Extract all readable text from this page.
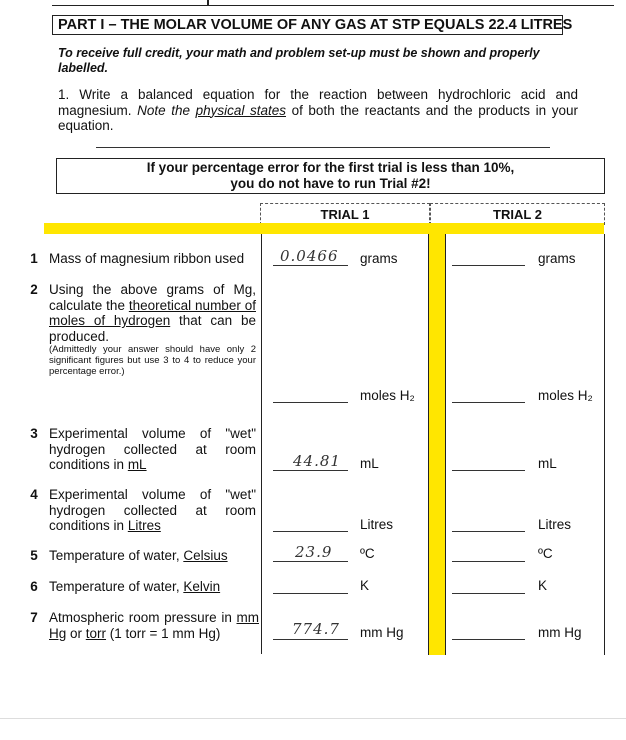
PART I – THE MOLAR VOLUME OF ANY GAS AT STP EQUALS 22.4 LITRES
To receive full credit, your math and problem set-up must be shown and properly labelled.
1. Write a balanced equation for the reaction between hydrochloric acid and magnesium. Note the physical states of both the reactants and the products in your equation.
If your percentage error for the first trial is less than 10%,
you do not have to run Trial #2!
TRIAL 1	TRIAL 2
1 Mass of magnesium ribbon used	0.0466 grams	grams
2 Using the above grams of Mg, calculate the theoretical number of moles of hydrogen that can be produced.
(Admittedly your answer should have only 2 significant figures but use 3 to 4 to reduce your percentage error.)
moles H₂	moles H₂
3 Experimental volume of "wet" hydrogen collected at room conditions in mL	44.81 mL	mL
4 Experimental volume of "wet" hydrogen collected at room conditions in Litres	Litres	Litres
5 Temperature of water, Celsius	23.9 ºC	ºC
6 Temperature of water, Kelvin	K	K
7 Atmospheric room pressure in mm Hg or torr (1 torr = 1 mm Hg)	774.7 mm Hg	mm Hg
